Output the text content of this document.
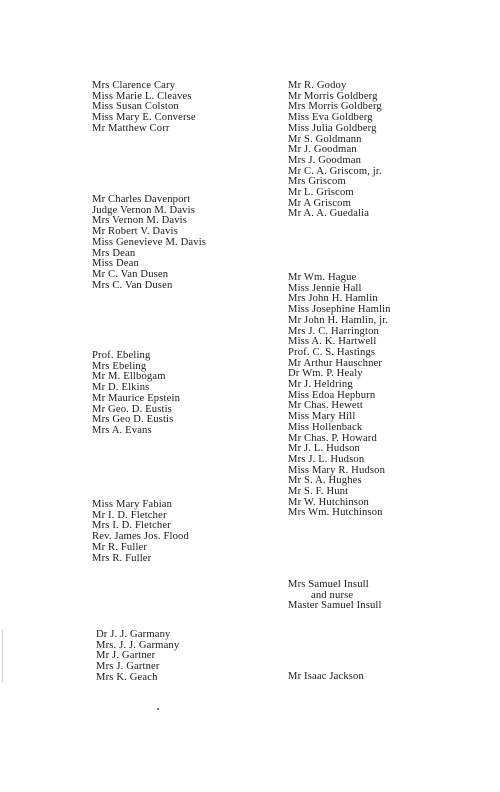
Mrs Clarence Cary
Miss Marie L. Cleaves
Miss Susan Colston
Miss Mary E. Converse
Mr Matthew Corr
Mr Charles Davenport
Judge Vernon M. Davis
Mrs Vernon M. Davis
Mr Robert V. Davis
Miss Genevieve M. Davis
Mrs Dean
Miss Dean
Mr C. Van Dusen
Mrs C. Van Dusen
Prof. Ebeling
Mrs Ebeling
Mr M. Ellbogam
Mr D. Elkins
Mr Maurice Epstein
Mr Geo. D. Eustis
Mrs Geo D. Eustis
Mrs A. Evans
Miss Mary Fabian
Mr I. D. Fletcher
Mrs I. D. Fletcher
Rev. James Jos. Flood
Mr R. Fuller
Mrs R. Fuller
Dr J. J. Garmany
Mrs. J. J. Garmany
Mr J. Gartner
Mrs J. Gartner
Mrs K. Geach
Mr R. Godoy
Mr Morris Goldberg
Mrs Morris Goldberg
Miss Eva Goldberg
Miss Julia Goldberg
Mr S. Goldmann
Mr J. Goodman
Mrs J. Goodman
Mr C. A. Griscom, jr.
Mrs Griscom
Mr L. Griscom
Mr A Griscom
Mr A. A. Guedalia
Mr Wm. Hague
Miss Jennie Hall
Mrs John H. Hamlin
Miss Josephine Hamlin
Mr John H. Hamlin, jr.
Mrs J. C. Harrington
Miss A. K. Hartwell
Prof. C. S. Hastings
Mr Arthur Hauschner
Dr Wm. P. Healy
Mr J. Heldring
Miss Edoa Hepburn
Mr Chas. Hewett
Miss Mary Hill
Miss Hollenback
Mr Chas. P. Howard
Mr J. L. Hudson
Mrs J. L. Hudson
Miss Mary R. Hudson
Mr S. A. Hughes
Mr S. F. Hunt
Mr W. Hutchinson
Mrs Wm. Hutchinson
Mrs Samuel Insull
and nurse
Master Samuel Insull
Mr Isaac Jackson
